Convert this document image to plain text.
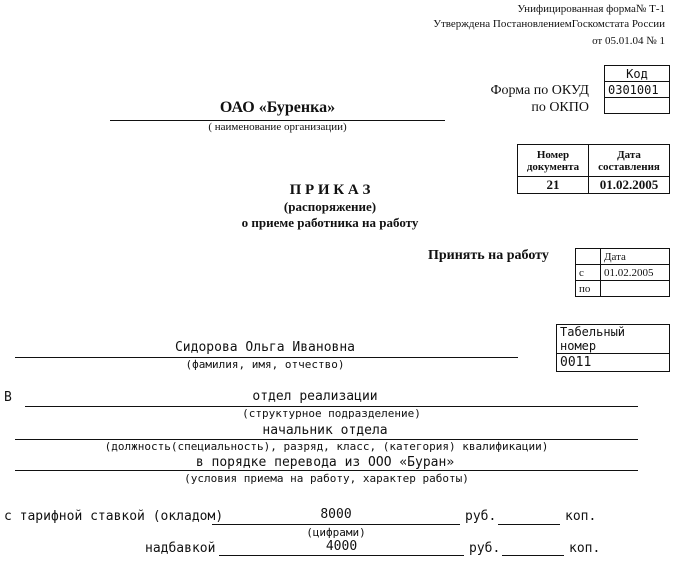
Унифицированная форма№ Т-1
Утверждена ПостановлениемГоскомстата России
от 05.01.04 № 1
Форма по ОКУД
по ОКПО
Код
0301001

ОАО «Буренка»
( наименование организации)
Номер документа	Дата составления
21	01.02.2005
П Р И К А З
(распоряжение)
о приеме работника на работу
Принять на работу
		Дата
с	01.02.2005
по	
Табельный номер
0011
Сидорова Ольга Ивановна
(фамилия, имя, отчество)
В	отдел реализации
(структурное подразделение)
начальник отдела
(должность(специальность), разряд, класс, (категория) квалификации)
в порядке перевода из ООО «Буран»
(условия приема на работу, характер работы)
с тарифной ставкой (окладом)	8000	руб.	коп.
(цифрами)
надбавкой	4000	руб.	коп.
